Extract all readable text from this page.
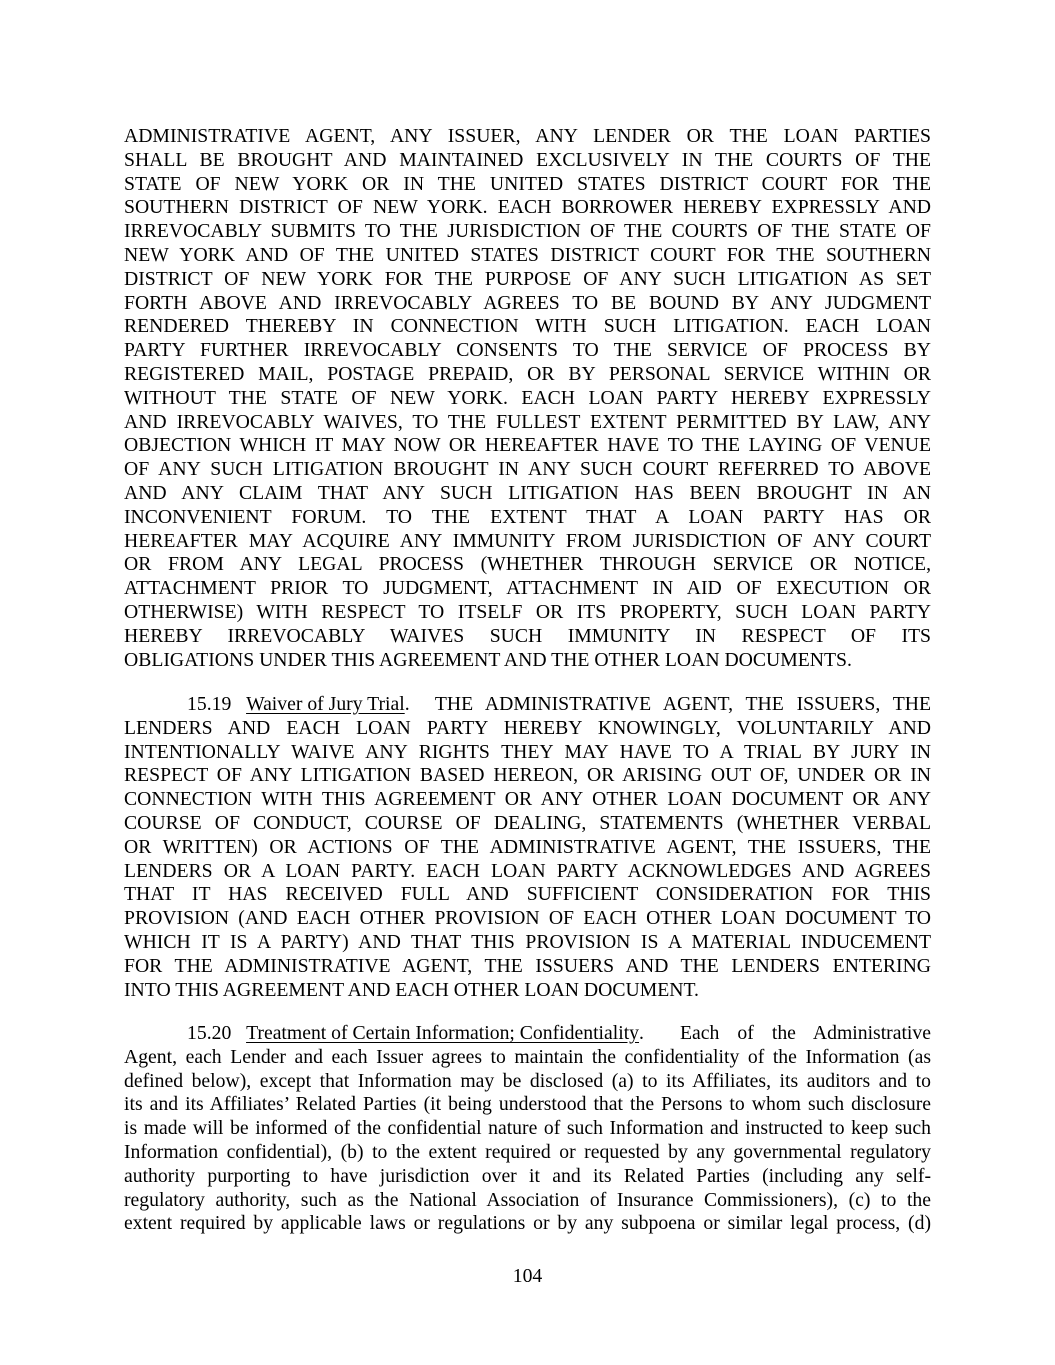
ADMINISTRATIVE AGENT, ANY ISSUER, ANY LENDER OR THE LOAN PARTIES
SHALL BE BROUGHT AND MAINTAINED EXCLUSIVELY IN THE COURTS OF THE
STATE OF NEW YORK OR IN THE UNITED STATES DISTRICT COURT FOR THE
SOUTHERN DISTRICT OF NEW YORK. EACH BORROWER HEREBY EXPRESSLY AND
IRREVOCABLY SUBMITS TO THE JURISDICTION OF THE COURTS OF THE STATE OF
NEW YORK AND OF THE UNITED STATES DISTRICT COURT FOR THE SOUTHERN
DISTRICT OF NEW YORK FOR THE PURPOSE OF ANY SUCH LITIGATION AS SET
FORTH ABOVE AND IRREVOCABLY AGREES TO BE BOUND BY ANY JUDGMENT
RENDERED THEREBY IN CONNECTION WITH SUCH LITIGATION. EACH LOAN
PARTY FURTHER IRREVOCABLY CONSENTS TO THE SERVICE OF PROCESS BY
REGISTERED MAIL, POSTAGE PREPAID, OR BY PERSONAL SERVICE WITHIN OR
WITHOUT THE STATE OF NEW YORK. EACH LOAN PARTY HEREBY EXPRESSLY
AND IRREVOCABLY WAIVES, TO THE FULLEST EXTENT PERMITTED BY LAW, ANY
OBJECTION WHICH IT MAY NOW OR HEREAFTER HAVE TO THE LAYING OF VENUE
OF ANY SUCH LITIGATION BROUGHT IN ANY SUCH COURT REFERRED TO ABOVE
AND ANY CLAIM THAT ANY SUCH LITIGATION HAS BEEN BROUGHT IN AN
INCONVENIENT FORUM. TO THE EXTENT THAT A LOAN PARTY HAS OR
HEREAFTER MAY ACQUIRE ANY IMMUNITY FROM JURISDICTION OF ANY COURT
OR FROM ANY LEGAL PROCESS (WHETHER THROUGH SERVICE OR NOTICE,
ATTACHMENT PRIOR TO JUDGMENT, ATTACHMENT IN AID OF EXECUTION OR
OTHERWISE) WITH RESPECT TO ITSELF OR ITS PROPERTY, SUCH LOAN PARTY
HEREBY IRREVOCABLY WAIVES SUCH IMMUNITY IN RESPECT OF ITS
OBLIGATIONS UNDER THIS AGREEMENT AND THE OTHER LOAN DOCUMENTS.
15.19
Waiver of Jury Trial .  THE ADMINISTRATIVE AGENT, THE ISSUERS, THE
LENDERS AND EACH LOAN PARTY HEREBY KNOWINGLY, VOLUNTARILY AND
INTENTIONALLY WAIVE ANY RIGHTS THEY MAY HAVE TO A TRIAL BY JURY IN
RESPECT OF ANY LITIGATION BASED HEREON, OR ARISING OUT OF, UNDER OR IN
CONNECTION WITH THIS AGREEMENT OR ANY OTHER LOAN DOCUMENT OR ANY
COURSE OF CONDUCT, COURSE OF DEALING, STATEMENTS (WHETHER VERBAL
OR WRITTEN) OR ACTIONS OF THE ADMINISTRATIVE AGENT, THE ISSUERS, THE
LENDERS OR A LOAN PARTY. EACH LOAN PARTY ACKNOWLEDGES AND AGREES
THAT IT HAS RECEIVED FULL AND SUFFICIENT CONSIDERATION FOR THIS
PROVISION (AND EACH OTHER PROVISION OF EACH OTHER LOAN DOCUMENT TO
WHICH IT IS A PARTY) AND THAT THIS PROVISION IS A MATERIAL INDUCEMENT
FOR THE ADMINISTRATIVE AGENT, THE ISSUERS AND THE LENDERS ENTERING
INTO THIS AGREEMENT AND EACH OTHER LOAN DOCUMENT.
15.20
Treatment of Certain Information; Confidentiality .  Each of the Administrative
Agent, each Lender and each Issuer agrees to maintain the confidentiality of the Information (as
defined below), except that Information may be disclosed (a) to its Affiliates, its auditors and to
its and its Affiliates’ Related Parties (it being understood that the Persons to whom such disclosure
is made will be informed of the confidential nature of such Information and instructed to keep such
Information confidential), (b) to the extent required or requested by any governmental regulatory
authority purporting to have jurisdiction over it and its Related Parties (including any self-
regulatory authority, such as the National Association of Insurance Commissioners), (c) to the
extent required by applicable laws or regulations or by any subpoena or similar legal process, (d)
104
